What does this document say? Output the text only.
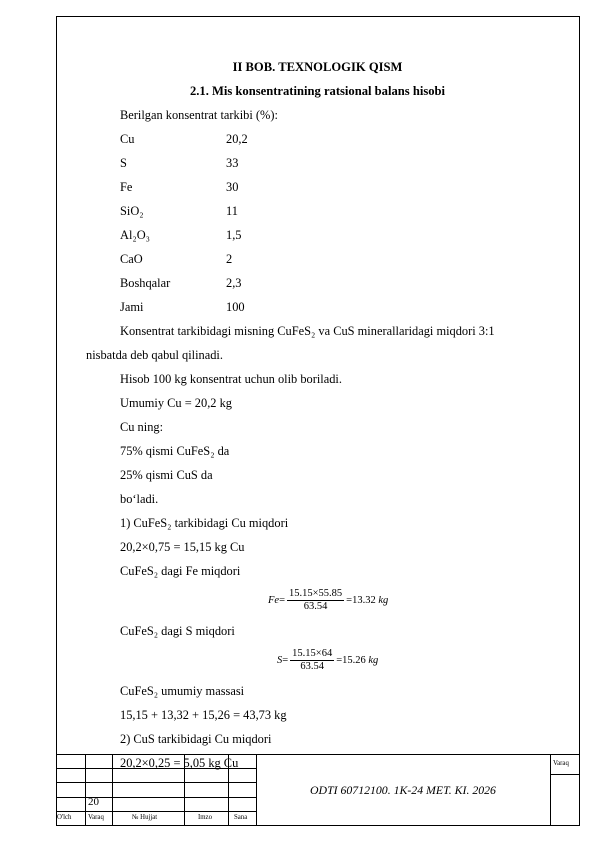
II BOB. TEXNOLOGIK QISM
2.1. Mis konsentratining ratsional balans hisobi
Berilgan konsentrat tarkibi (%):
Cu	20,2
S	33
Fe	30
SiO₂	11
Al₂O₃	1,5
CaO	2
Boshqalar	2,3
Jami	100
Konsentrat tarkibidagi misning CuFeS₂ va CuS minerallaridagi miqdori 3:1
nisbatda deb qabul qilinadi.
Hisob 100 kg konsentrat uchun olib boriladi.
Umumiy Cu = 20,2 kg
Cu ning:
75% qismi CuFeS₂ da
25% qismi CuS da
bo‘ladi.
1) CuFeS₂ tarkibidagi Cu miqdori
20,2×0,75 = 15,15 kg Cu
CuFeS₂ dagi Fe miqdori
$Fe = \frac{15.15\times 55.85}{63.54} = 13.32$
kg
CuFeS₂ dagi S miqdori
$S = \frac{15.15\times 64}{63.54} = 15.26$
kg
CuFeS₂ umumiy massasi
15,15 + 13,32 + 15,26 = 43,73 kg
2) CuS tarkibidagi Cu miqdori
20,2×0,25 = 5,05 kg Cu
20
ODTI 60712100. 1K-24 MET. KI. 2026
Varaq
O'lch Varaq	№ Hujjat	Imzo	Sana
